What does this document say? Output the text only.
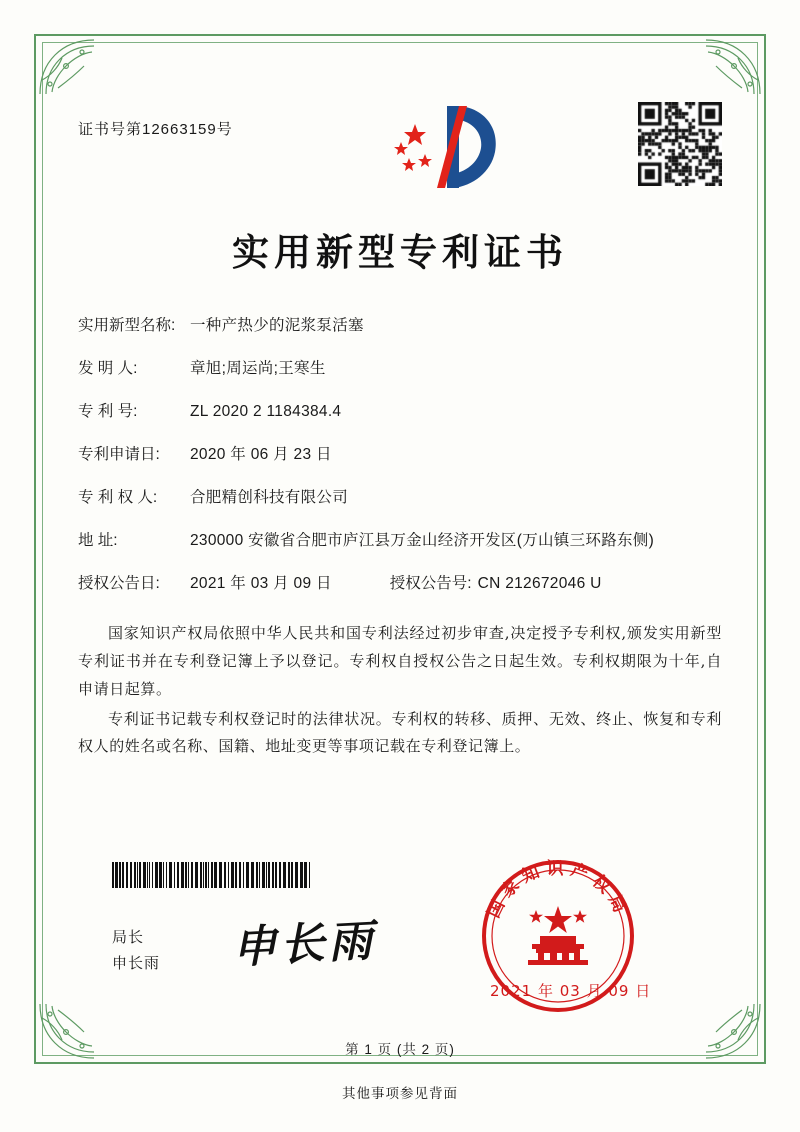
证书号第12663159号
实用新型专利证书
实用新型名称: 一种产热少的泥浆泵活塞
发 明 人:	章旭;周运尚;王寒生
专 利 号:	ZL 2020 2 1184384.4
专利申请日:	2020 年 06 月 23 日
专 利 权 人:	合肥精创科技有限公司
地 址:	230000 安徽省合肥市庐江县万金山经济开发区(万山镇三环路东侧)
授权公告日:	2021 年 03 月 09 日	授权公告号: CN 212672046 U
国家知识产权局依照中华人民共和国专利法经过初步审查,决定授予专利权,颁发实用新型专利证书并在专利登记簿上予以登记。专利权自授权公告之日起生效。专利权期限为十年,自申请日起算。
专利证书记载专利权登记时的法律状况。专利权的转移、质押、无效、终止、恢复和专利权人的姓名或名称、国籍、地址变更等事项记载在专利登记簿上。
局长
申长雨 申长雨
国家知识产权局
2021 年 03 月 09 日
第 1 页 (共 2 页)
其他事项参见背面
